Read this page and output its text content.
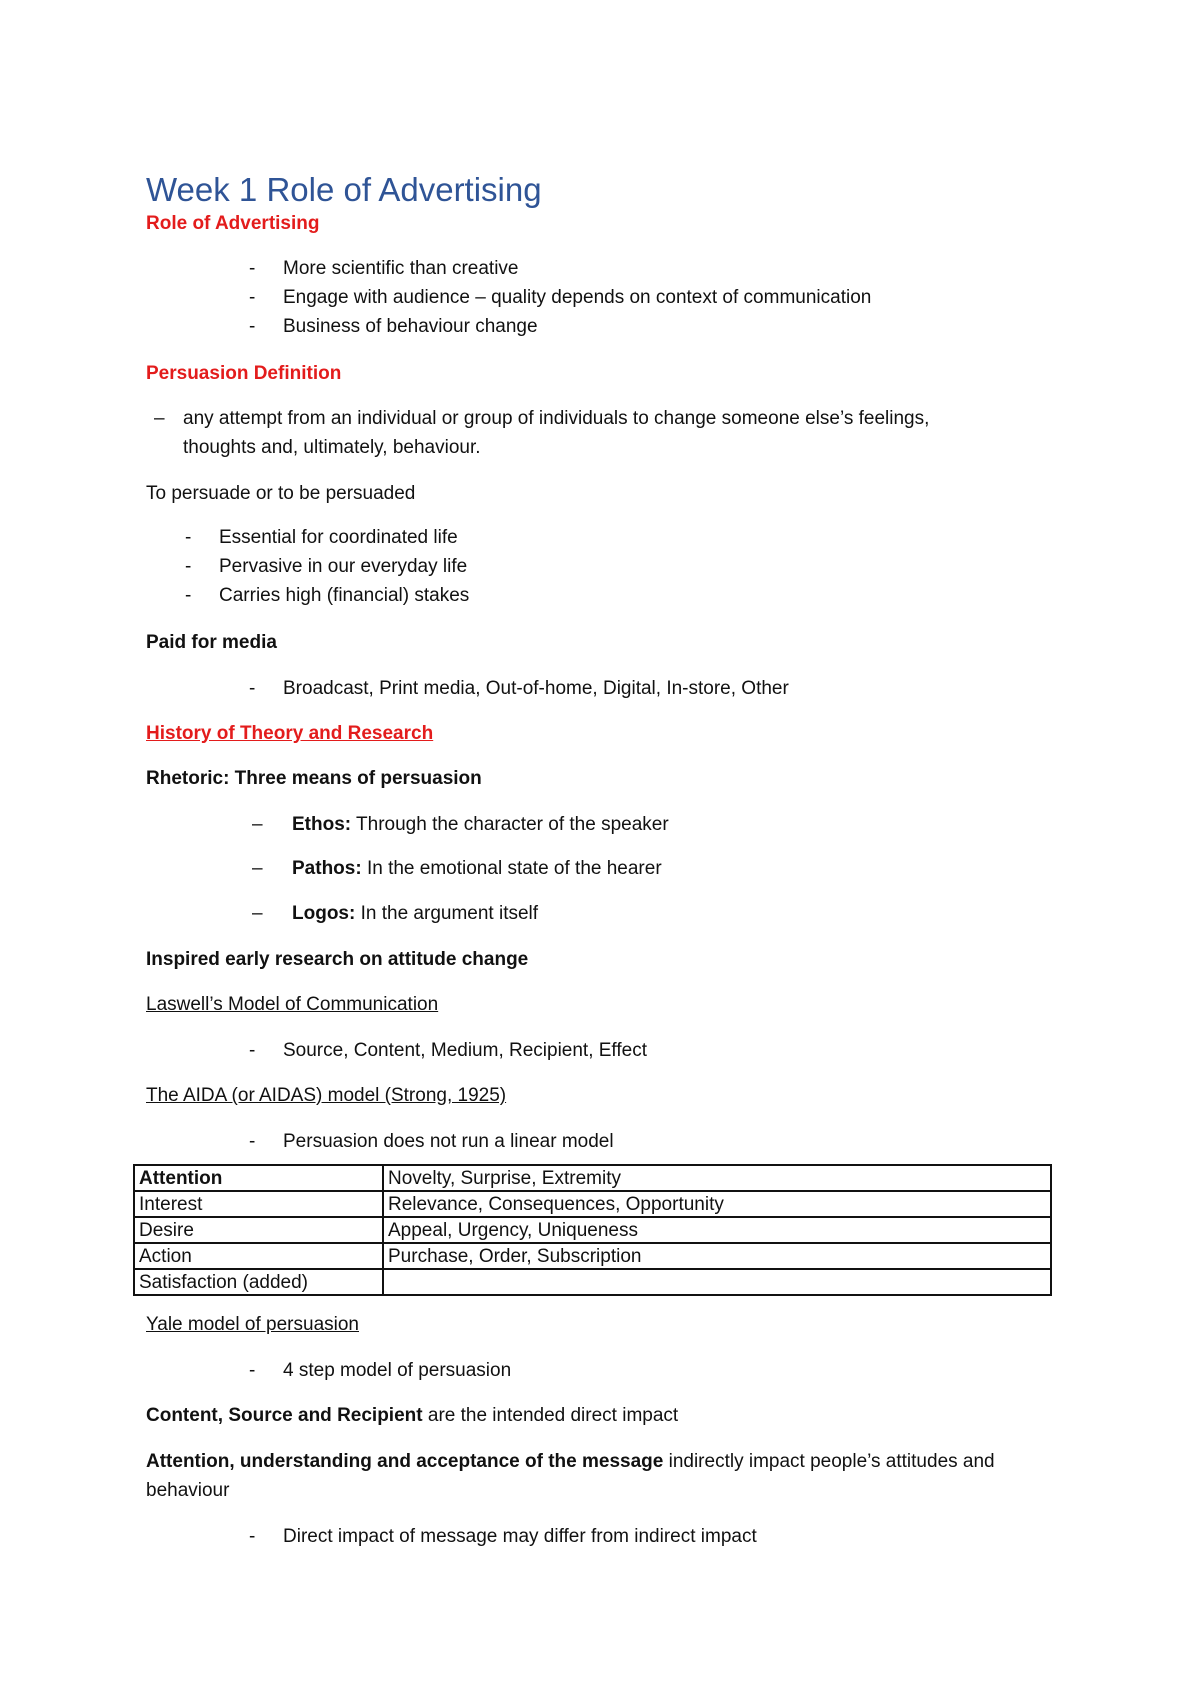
Week 1 Role of Advertising
Role of Advertising
- More scientific than creative
- Engage with audience – quality depends on context of communication
- Business of behaviour change
Persuasion Definition
– any attempt from an individual or group of individuals to change someone else’s feelings,
thoughts and, ultimately, behaviour.
To persuade or to be persuaded
- Essential for coordinated life
- Pervasive in our everyday life
- Carries high (financial) stakes
Paid for media
- Broadcast, Print media, Out-of-home, Digital, In-store, Other
History of Theory and Research
Rhetoric: Three means of persuasion
– Ethos: Through the character of the speaker
– Pathos: In the emotional state of the hearer
– Logos: In the argument itself
Inspired early research on attitude change
Laswell’s Model of Communication
- Source, Content, Medium, Recipient, Effect
The AIDA (or AIDAS) model (Strong, 1925)
- Persuasion does not run a linear model
Attention	Novelty, Surprise, Extremity
Interest	Relevance, Consequences, Opportunity
Desire	Appeal, Urgency, Uniqueness
Action	Purchase, Order, Subscription
Satisfaction (added)	
Yale model of persuasion
- 4 step model of persuasion
Content, Source and Recipient are the intended direct impact
Attention, understanding and acceptance of the message indirectly impact people’s attitudes and
behaviour
- Direct impact of message may differ from indirect impact
